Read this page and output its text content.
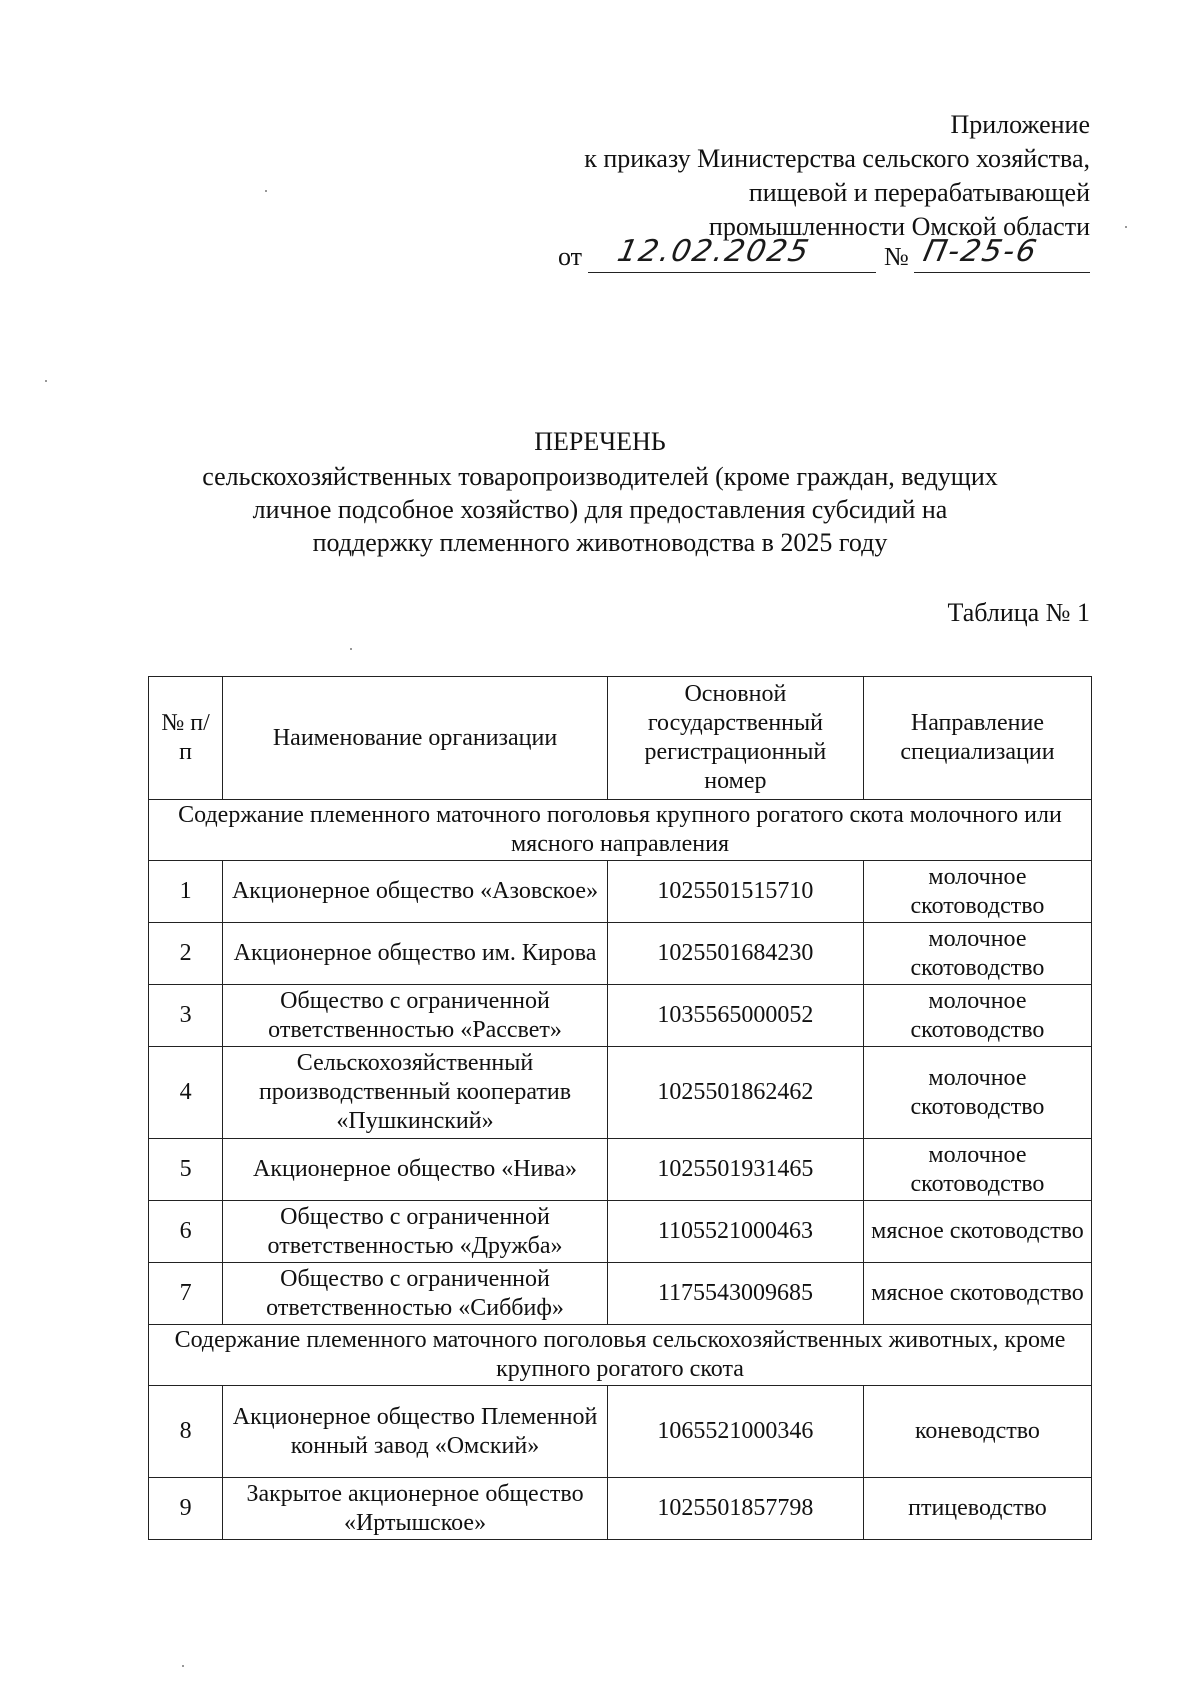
Приложение
к приказу Министерства сельского хозяйства,
пищевой и перерабатывающей
промышленности Омской области
от 12.02.2025	№ П-25-6
ПЕРЕЧЕНЬ
сельскохозяйственных товаропроизводителей (кроме граждан, ведущих
личное подсобное хозяйство) для предоставления субсидий на
поддержку племенного животноводства в 2025 году
Таблица № 1
№ п/п	Наименование организации	Основной государственный регистрационный номер	Направление специализации
Содержание племенного маточного поголовья крупного рогатого скота молочного или мясного направления			
1	Акционерное общество «Азовское»	1025501515710	молочное скотоводство
2	Акционерное общество им. Кирова	1025501684230	молочное скотоводство
3	Общество с ограниченной ответственностью «Рассвет»	1035565000052	молочное скотоводство
4	Сельскохозяйственный производственный кооператив «Пушкинский»	1025501862462	молочное скотоводство
5	Акционерное общество «Нива»	1025501931465	молочное скотоводство
6	Общество с ограниченной ответственностью «Дружба»	1105521000463	мясное скотоводство
7	Общество с ограниченной ответственностью «Сиббиф»	1175543009685	мясное скотоводство
Содержание племенного маточного поголовья сельскохозяйственных животных, кроме крупного рогатого скота			
8	Акционерное общество Племенной конный завод «Омский»	1065521000346	коневодство
9	Закрытое акционерное общество «Иртышское»	1025501857798	птицеводство
